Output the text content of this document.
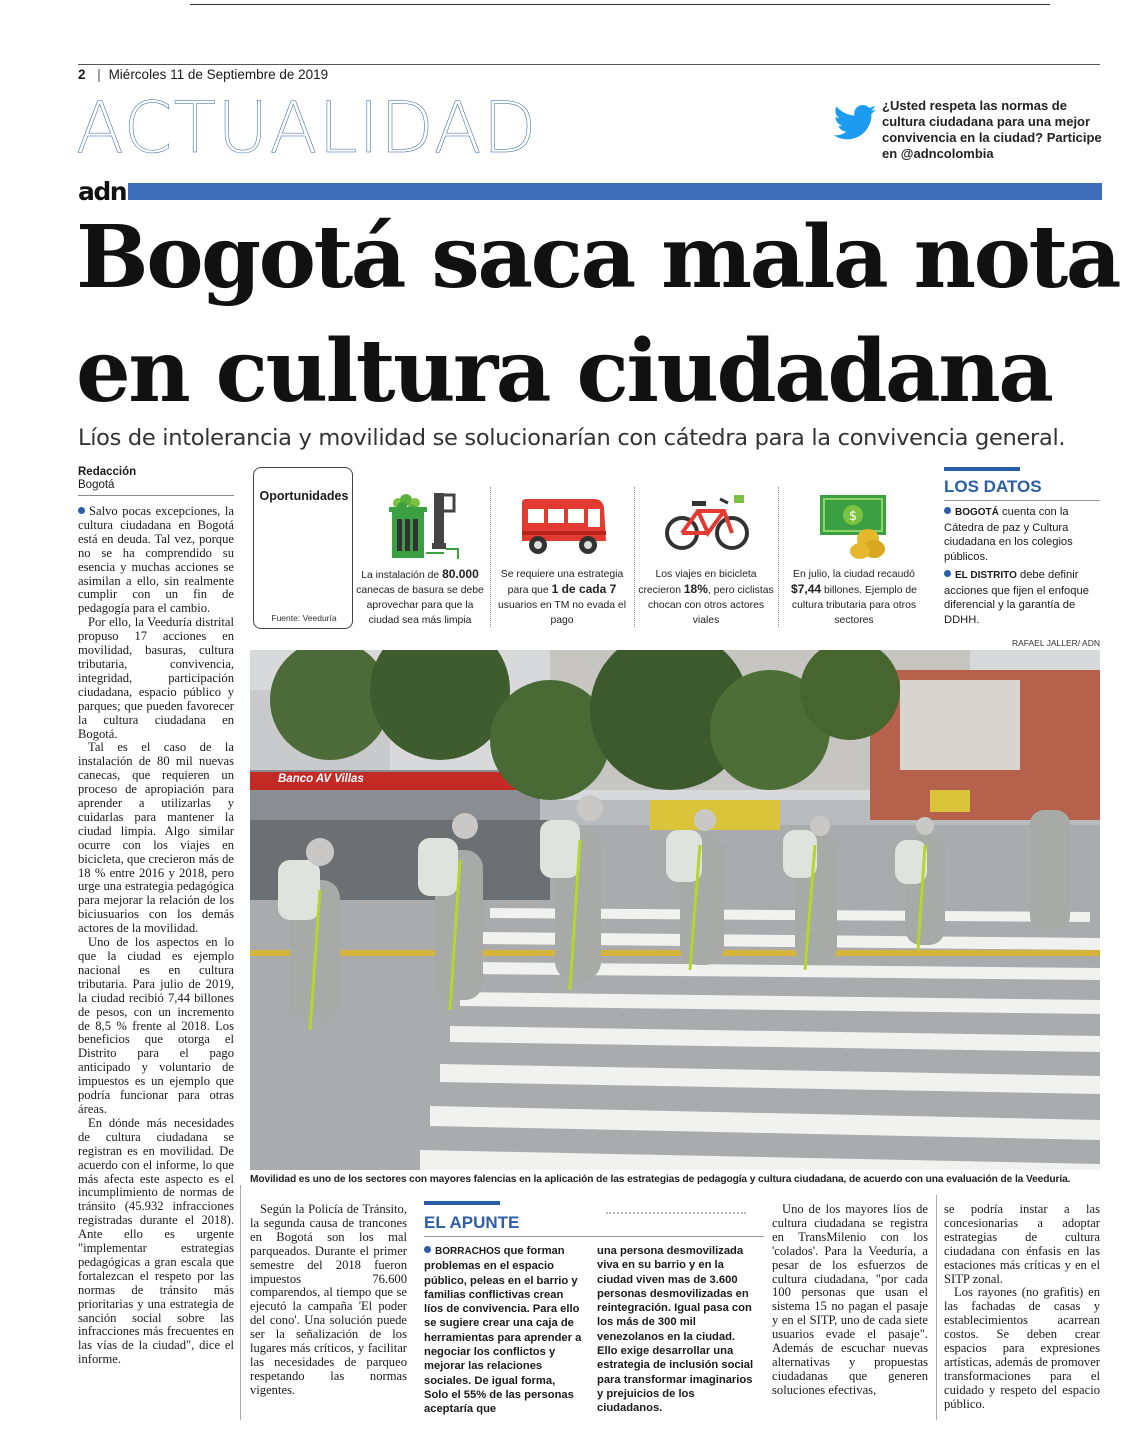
2 | Miércoles 11 de Septiembre de 2019
ACTUALIDAD	¿Usted respeta las normas de cultura ciudadana para una mejor convivencia en la ciudad? Participe en @adncolombia
adn
Bogotá saca mala nota
en cultura ciudadana
Líos de intolerancia y movilidad se solucionarían con cátedra para la convivencia general.
Redacción
Bogotá

Salvo pocas excepciones, la cultura ciudadana en Bogotá está en deuda. Tal vez, porque no se ha comprendido su esencia y muchas acciones se asimilan a ello, sin realmente cumplir con un fin de pedagogía para el cambio.

Por ello, la Veeduría distrital propuso 17 acciones en movilidad, basuras, cultura tributaria, convivencia, integridad, participación ciudadana, espacio público y parques; que pueden favorecer la cultura ciudadana en Bogotá.

Tal es el caso de la instalación de 80 mil nuevas canecas, que requieren un proceso de apropiación para aprender a utilizarlas y cuidarlas para mantener la ciudad limpia. Algo similar ocurre con los viajes en bicicleta, que crecieron más de 18 % entre 2016 y 2018, pero urge una estrategia pedagógica para mejorar la relación de los biciusuarios con los demás actores de la movilidad.

Uno de los aspectos en lo que la ciudad es ejemplo nacional es en cultura tributaria. Para julio de 2019, la ciudad recibió 7,44 billones de pesos, con un incremento de 8,5 % frente al 2018. Los beneficios que otorga el Distrito para el pago anticipado y voluntario de impuestos es un ejemplo que podría funcionar para otras áreas.

En dónde más necesidades de cultura ciudadana se registran es en movilidad. De acuerdo con el informe, lo que más afecta este aspecto es el incumplimiento de normas de tránsito (45.932 infracciones registradas durante el 2018). Ante ello es urgente "implementar estrategias pedagógicas a gran escala que fortalezcan el respeto por las normas de tránsito más prioritarias y una estrategia de sanción social sobre las infracciones más frecuentes en las vías de la ciudad", dice el informe.

Oportunidades
Fuente: Veeduría
La instalación de 80.000 canecas de basura se debe aprovechar para que la ciudad sea más limpia
Se requiere una estrategia para que 1 de cada 7 usuarios en TM no evada el pago
Los viajes en bicicleta crecieron 18%, pero ciclistas chocan con otros actores viales
$
En julio, la ciudad recaudó $7,44 billones. Ejemplo de cultura tributaria para otros sectores
LOS DATOS
BOGOTÁ cuenta con la Cátedra de paz y Cultura ciudadana en los colegios públicos.
EL DISTRITO debe definir acciones que fijen el enfoque diferencial y la garantía de DDHH.
RAFAEL JALLER/ ADN
Banco AV Villas
Movilidad es uno de los sectores con mayores falencias en la aplicación de las estrategias de pedagogía y cultura ciudadana, de acuerdo con una evaluación de la Veeduría.

Según la Policía de Tránsito, la segunda causa de trancones en Bogotá son los mal parqueados. Durante el primer semestre del 2018 fueron impuestos 76.600 comparendos, al tiempo que se ejecutó la campaña 'El poder del cono'. Una solución puede ser la señalización de los lugares más críticos, y facilitar las necesidades de parqueo respetando las normas vigentes.

EL APUNTE
BORRACHOS que forman problemas en el espacio público, peleas en el barrio y familias conflictivas crean líos de convivencia. Para ello se sugiere crear una caja de herramientas para aprender a negociar los conflictos y mejorar las relaciones sociales. De igual forma, Solo el 55% de las personas aceptaría que
una persona desmovilizada viva en su barrio y en la ciudad viven mas de 3.600 personas desmovilizadas en reintegración. Igual pasa con los más de 300 mil venezolanos en la ciudad. Ello exige desarrollar una estrategia de inclusión social para transformar imaginarios y prejuicios de los ciudadanos.

Uno de los mayores líos de cultura ciudadana se registra en TransMilenio con los 'colados'. Para la Veeduría, a pesar de los esfuerzos de cultura ciudadana, "por cada 100 personas que usan el sistema 15 no pagan el pasaje y en el SITP, uno de cada siete usuarios evade el pasaje". Además de escuchar nuevas alternativas y propuestas ciudadanas que generen soluciones efectivas,

se podría instar a las concesionarias a adoptar estrategias de cultura ciudadana con énfasis en las estaciones más críticas y en el SITP zonal.

Los rayones (no grafitis) en las fachadas de casas y establecimientos acarrean costos. Se deben crear espacios para expresiones artísticas, además de promover transformaciones para el cuidado y respeto del espacio público.
